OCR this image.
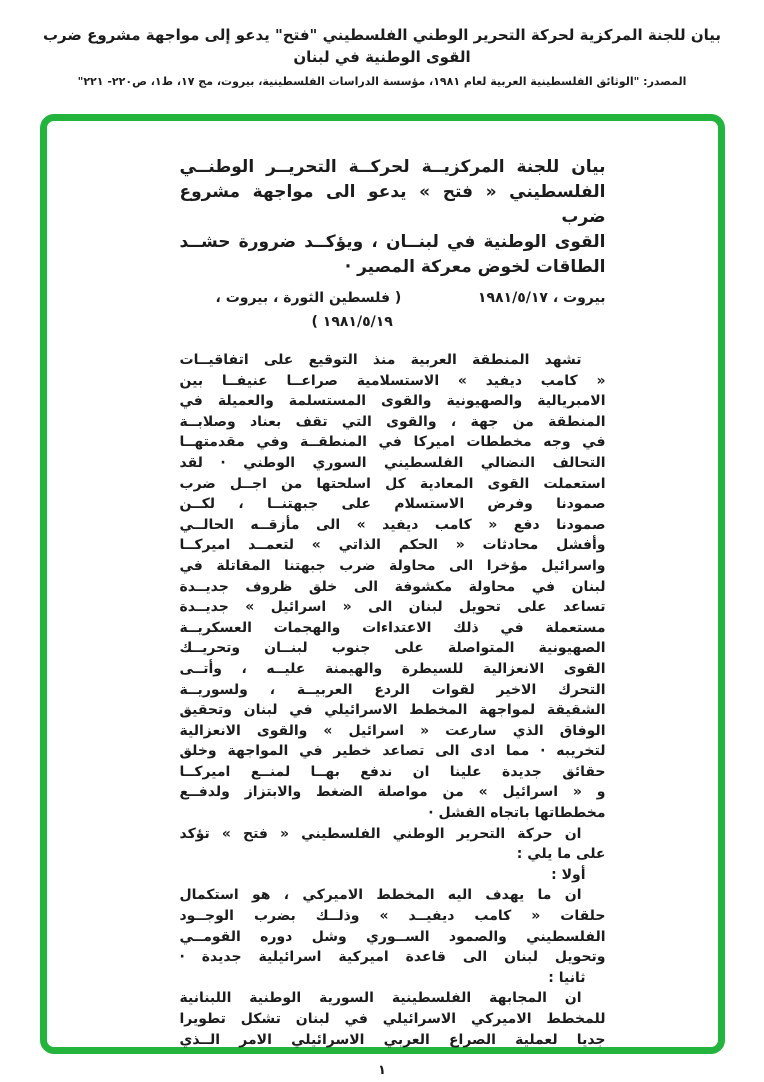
بيان للجنة المركزية لحركة التحرير الوطني الفلسطيني "فتح" يدعو إلى مواجهة مشروع ضرب القوى الوطنية في لبنان
المصدر: "الوثائق الفلسطينية العربية لعام ١٩٨١، مؤسسة الدراسات الفلسطينية، بيروت، مج ١٧، ط١، ص٢٢٠- ٢٢١"
بيان للجنة المركزيــة لحركــة التحريــر الوطنــي
الفلسطيني « فتح » يدعو الى مواجهة مشروع ضرب
القوى الوطنية في لبنــان ، ويؤكــد ضرورة حشــد
الطاقات لخوض معركة المصير ·
بيروت ، ١٩٨١/٥/١٧
( فلسطين الثورة ، بيروت ،
١٩٨١/٥/١٩ )
تشهد المنطقة العربية منذ التوقيع على اتفاقيــات
« كامب ديفيد » الاستسلامية صراعــا عنيفــا بين
الامبريالية والصهيونية والقوى المستسلمة والعميلة في
المنطقة من جهة ، والقوى التي تقف بعناد وصلابــة
في وجه مخططات اميركا في المنطقــة وفي مقدمتهــا
التحالف النضالي الفلسطيني السوري الوطني · لقد
استعملت القوى المعادية كل اسلحتها من اجــل ضرب
صمودنا وفرض الاستسلام على جبهتنــا ، لكــن
صمودنا دفع « كامب ديفيد » الى مأزقــه الحالــي
وأفشل محادثات « الحكم الذاتي » لتعمــد اميركــا
واسرائيل مؤخرا الى محاولة ضرب جبهتنا المقاتلة في
لبنان في محاولة مكشوفة الى خلق ظروف جديــدة
تساعد على تحويل لبنان الى « اسرائيل » جديــدة
مستعملة في ذلك الاعتداءات والهجمات العسكريــة
الصهيونية المتواصلة على جنوب لبنــان وتحريــك
القوى الانعزالية للسيطرة والهيمنة عليــه ، وأتــى
التحرك الاخير لقوات الردع العربيــة ، ولسوريــة
الشقيقة لمواجهة المخطط الاسرائيلي في لبنان وتحقيق
الوفاق الذي سارعت « اسرائيل » والقوى الانعزالية
لتخريبه · مما ادى الى تصاعد خطير في المواجهة وخلق
حقائق جديدة علينا ان ندفع بهــا لمنــع اميركــا
و « اسرائيل » من مواصلة الضغط والابتزاز ولدفــع
مخططاتها باتجاه الفشل ·
ان حركة التحرير الوطني الفلسطيني « فتح » تؤكد
على ما يلي :
أولا :
ان ما يهدف اليه المخطط الاميركي ، هو استكمال
حلقات « كامب ديفيــد » وذلــك بضرب الوجــود
الفلسطيني والصمود الســوري وشل دوره القومــي
وتحويل لبنان الى قاعدة اميركية اسرائيلية جديدة ·
ثانيا :
ان المجابهة الفلسطينية السورية الوطنية اللبنانية
للمخطط الاميركي الاسرائيلي في لبنان تشكل تطويرا
جديا لعملية الصراع العربي الاسرائيلي الامر الــذي
١
